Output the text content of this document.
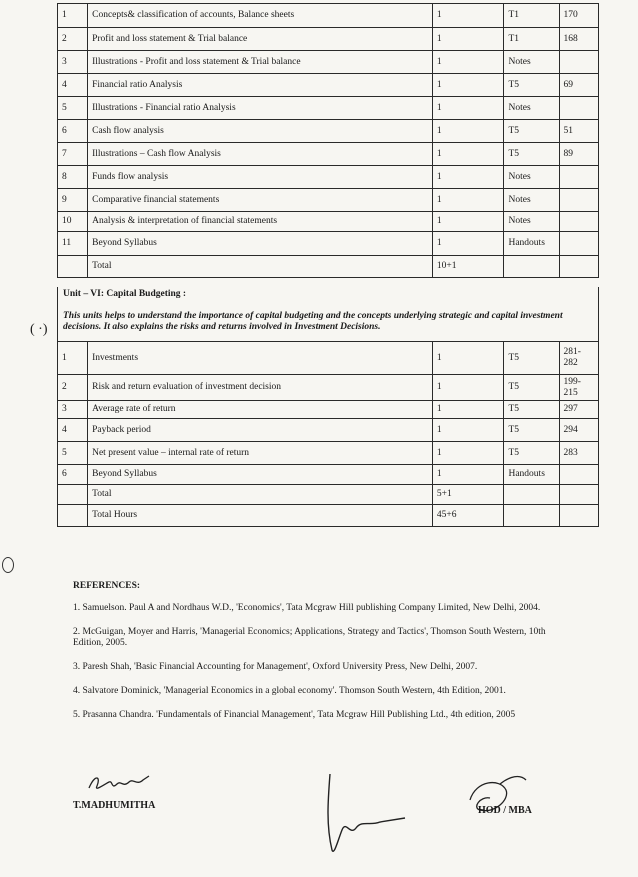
( ·)
1	Concepts& classification of accounts, Balance sheets	1	T1	170
2	Profit and loss statement & Trial balance	1	T1	168
3	Illustrations - Profit and loss statement & Trial balance	1	Notes	
4	Financial ratio Analysis	1	T5	69
5	Illustrations - Financial ratio Analysis	1	Notes	
6	Cash flow analysis	1	T5	51
7	Illustrations – Cash flow Analysis	1	T5	89
8	Funds flow analysis	1	Notes	
9	Comparative financial statements	1	Notes	
10	Analysis & interpretation of financial statements	1	Notes	
11	Beyond Syllabus	1	Handouts	
	Total	10+1		
Unit – VI: Capital Budgeting :
This units helps to understand the importance of capital budgeting and the concepts underlying strategic and capital investment decisions. It also explains the risks and returns involved in Investment Decisions.
1	Investments	1	T5	281-282
2	Risk and return evaluation of investment decision	1	T5	199-215
3	Average rate of return	1	T5	297
4	Payback period	1	T5	294
5	Net present value – internal rate of return	1	T5	283
6	Beyond Syllabus	1	Handouts	
	Total	5+1		
	Total Hours	45+6		
REFERENCES:
1. Samuelson. Paul A and Nordhaus W.D., 'Economics', Tata Mcgraw Hill publishing Company Limited, New Delhi, 2004.
2. McGuigan, Moyer and Harris, 'Managerial Economics; Applications, Strategy and Tactics', Thomson South Western, 10th Edition, 2005.
3. Paresh Shah, 'Basic Financial Accounting for Management', Oxford University Press, New Delhi, 2007.
4. Salvatore Dominick, 'Managerial Economics in a global economy'. Thomson South Western, 4th Edition, 2001.
5. Prasanna Chandra. 'Fundamentals of Financial Management', Tata Mcgraw Hill Publishing Ltd., 4th edition, 2005
T.MADHUMITHA	HOD / MBA
